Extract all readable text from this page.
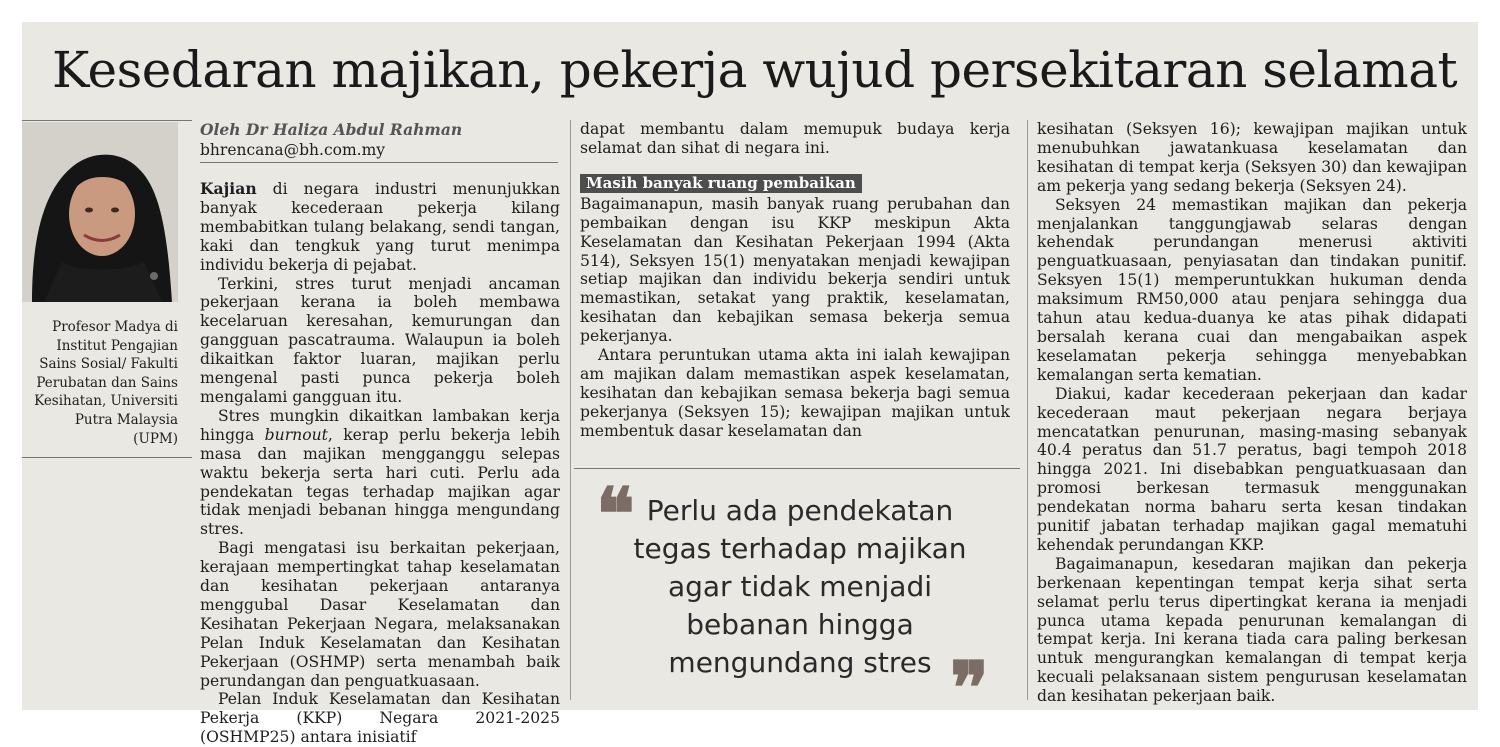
Kesedaran majikan, pekerja wujud persekitaran selamat
Profesor Madya di Institut Pengajian Sains Sosial/ Fakulti Perubatan dan Sains Kesihatan, Universiti Putra Malaysia (UPM)
Oleh Dr Haliza Abdul Rahman
bhrencana@bh.com.my

Kajian di negara industri menunjukkan banyak kecederaan pekerja kilang membabitkan tulang belakang, sendi tangan, kaki dan tengkuk yang turut menimpa individu bekerja di pejabat.

Terkini, stres turut menjadi ancaman pekerjaan kerana ia boleh membawa kecelaruan keresahan, kemurungan dan gangguan pascatrauma. Walaupun ia boleh dikaitkan faktor luaran, majikan perlu mengenal pasti punca pekerja boleh mengalami gangguan itu.

Stres mungkin dikaitkan lambakan kerja hingga burnout, kerap perlu bekerja lebih masa dan majikan mengganggu selepas waktu bekerja serta hari cuti. Perlu ada pendekatan tegas terhadap majikan agar tidak menjadi bebanan hingga mengundang stres.

Bagi mengatasi isu berkaitan pekerjaan, kerajaan mempertingkat tahap keselamatan dan kesihatan pekerjaan antaranya menggubal Dasar Keselamatan dan Kesihatan Pekerjaan Negara, melaksanakan Pelan Induk Keselamatan dan Kesihatan Pekerjaan (OSHMP) serta menambah baik perundangan dan penguatkuasaan.

Pelan Induk Keselamatan dan Kesihatan Pekerja (KKP) Negara 2021-2025 (OSHMP25) antara inisiatif

dapat membantu dalam memupuk budaya kerja selamat dan sihat di negara ini.

Masih banyak ruang pembaikan

Bagaimanapun, masih banyak ruang perubahan dan pembaikan dengan isu KKP meskipun Akta Keselamatan dan Kesihatan Pekerjaan 1994 (Akta 514), Seksyen 15(1) menyatakan menjadi kewajipan setiap majikan dan individu bekerja sendiri untuk memastikan, setakat yang praktik, keselamatan, kesihatan dan kebajikan semasa bekerja semua pekerjanya.

Antara peruntukan utama akta ini ialah kewajipan am majikan dalam memastikan aspek keselamatan, kesihatan dan kebajikan semasa bekerja bagi semua pekerjanya (Seksyen 15); kewajipan majikan untuk membentuk dasar keselamatan dan

❝ Perlu ada pendekatan tegas terhadap majikan agar tidak menjadi bebanan hingga mengundang stres ❞

kesihatan (Seksyen 16); kewajipan majikan untuk menubuhkan jawatankuasa keselamatan dan kesihatan di tempat kerja (Seksyen 30) dan kewajipan am pekerja yang sedang bekerja (Seksyen 24).

Seksyen 24 memastikan majikan dan pekerja menjalankan tanggungjawab selaras dengan kehendak perundangan menerusi aktiviti penguatkuasaan, penyiasatan dan tindakan punitif. Seksyen 15(1) memperuntukkan hukuman denda maksimum RM50,000 atau penjara sehingga dua tahun atau kedua-duanya ke atas pihak didapati bersalah kerana cuai dan mengabaikan aspek keselamatan pekerja sehingga menyebabkan kemalangan serta kematian.

Diakui, kadar kecederaan pekerjaan dan kadar kecederaan maut pekerjaan negara berjaya mencatatkan penurunan, masing-masing sebanyak 40.4 peratus dan 51.7 peratus, bagi tempoh 2018 hingga 2021. Ini disebabkan penguatkuasaan dan promosi berkesan termasuk menggunakan pendekatan norma baharu serta kesan tindakan punitif jabatan terhadap majikan gagal mematuhi kehendak perundangan KKP.

Bagaimanapun, kesedaran majikan dan pekerja berkenaan kepentingan tempat kerja sihat serta selamat perlu terus dipertingkat kerana ia menjadi punca utama kepada penurunan kemalangan di tempat kerja. Ini kerana tiada cara paling berkesan untuk mengurangkan kemalangan di tempat kerja kecuali pelaksanaan sistem pengurusan keselamatan dan kesihatan pekerjaan baik.
